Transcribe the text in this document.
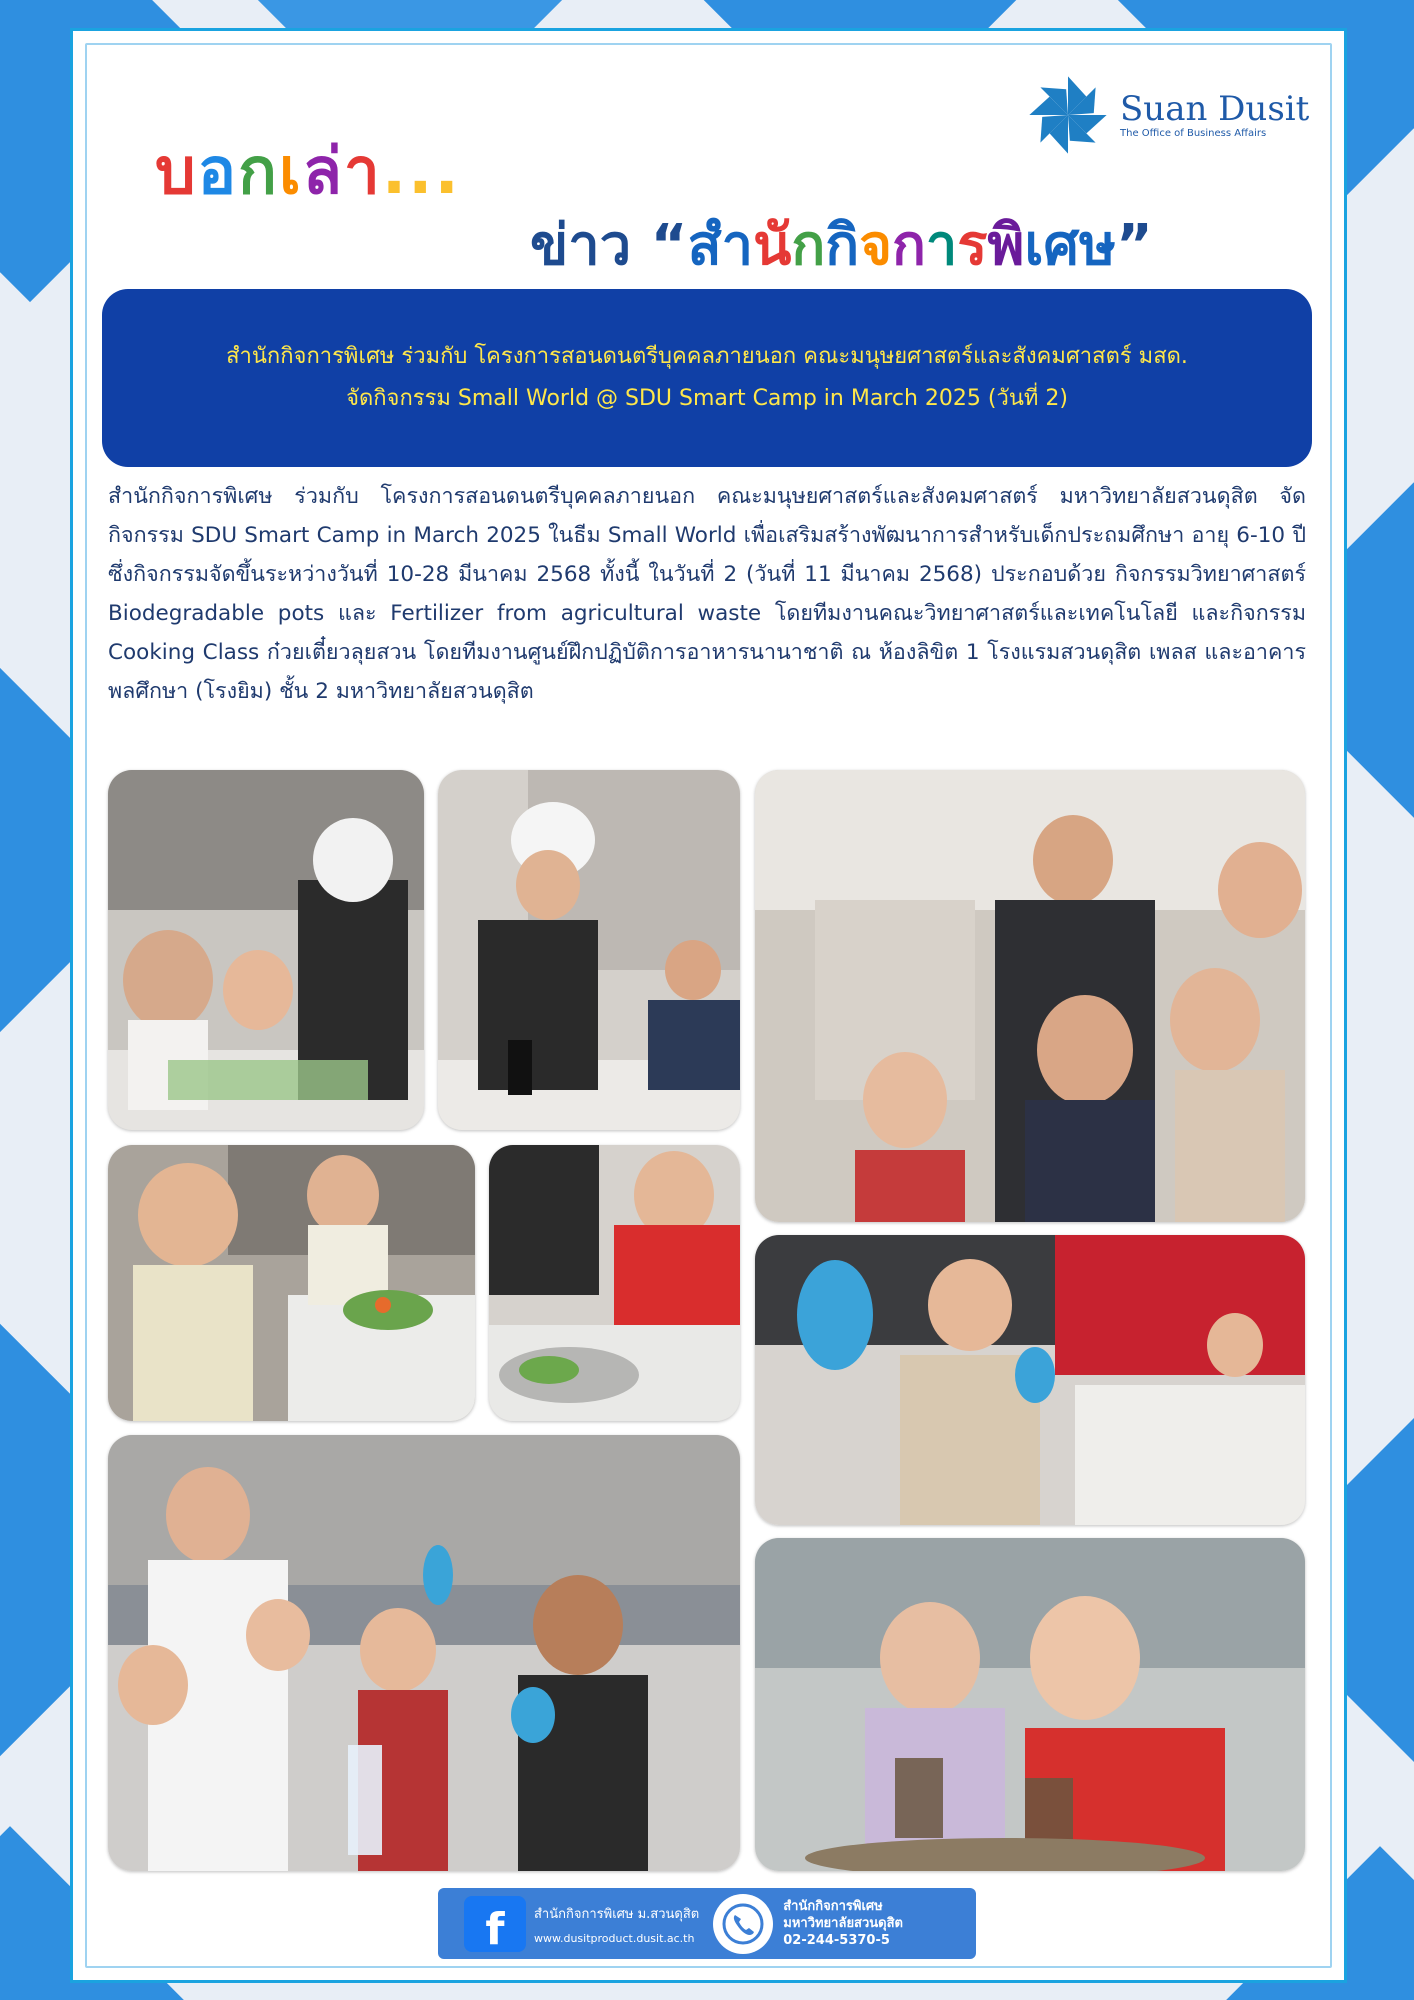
Suan Dusit
The Office of Business Affairs
บอกเล่า...
ข่าว “สำนักกิจการพิเศษ”
สำนักกิจการพิเศษ ร่วมกับ โครงการสอนดนตรีบุคคลภายนอก คณะมนุษยศาสตร์และสังคมศาสตร์ มสด.
จัดกิจกรรม Small World @ SDU Smart Camp in March 2025 (วันที่ 2)
สำนักกิจการพิเศษ ร่วมกับ โครงการสอนดนตรีบุคคลภายนอก คณะมนุษยศาสตร์และสังคมศาสตร์ มหาวิทยาลัยสวนดุสิต จัดกิจกรรม SDU Smart Camp in March 2025 ในธีม Small World เพื่อเสริมสร้างพัฒนาการสำหรับเด็กประถมศึกษา อายุ 6-10 ปี ซึ่งกิจกรรมจัดขึ้นระหว่างวันที่ 10-28 มีนาคม 2568 ทั้งนี้ ในวันที่ 2 (วันที่ 11 มีนาคม 2568) ประกอบด้วย กิจกรรมวิทยาศาสตร์ Biodegradable pots และ Fertilizer from agricultural waste โดยทีมงานคณะวิทยาศาสตร์และเทคโนโลยี และกิจกรรม Cooking Class ก๋วยเตี๋ยวลุยสวน โดยทีมงานศูนย์ฝึกปฏิบัติการอาหารนานาชาติ ณ ห้องลิขิต 1 โรงแรมสวนดุสิต เพลส และอาคารพลศึกษา (โรงยิม) ชั้น 2 มหาวิทยาลัยสวนดุสิต
f	สำนักกิจการพิเศษ ม.สวนดุสิต
www.dusitproduct.dusit.ac.th
สำนักกิจการพิเศษ
มหาวิทยาลัยสวนดุสิต
02-244-5370-5
